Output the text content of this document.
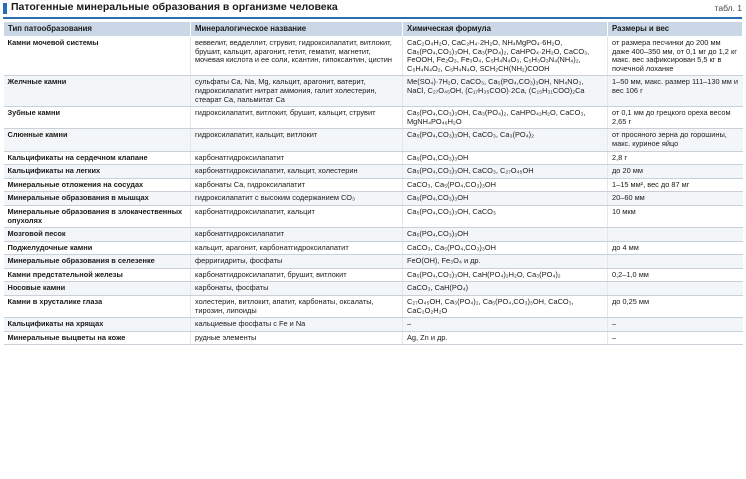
Патогенные минеральные образования в организме человека	табл. 1
Тип патообразования	Минералогическое название	Химическая формула	Размеры и вес
Камни мочевой системы	веввелит, ведделлит, струвит, гидроксилапатит, витлокит, брушит, кальцит, арагонит, гетит, гематит, магнетит, мочевая кислота и ее соли, ксантин, гипоксантин, цистин	CaC₂O₄H₂O, CaC₂H₄·2H₂O, NH₄MgPO₄·6H₂O, Ca₅(PO₄,CO₃)₃OH, Ca₃(PO₄)₂, CaHPO₄·2H₂O, CaCO₃, FeOOH, Fe₂O₃, Fe₃O₄, C₅H₄N₄O₃, C₅H₃O₃N₄(NH₄)₂, C₅H₄N₄O₂, C₅H₄N₄O, SCH₂CH(NH₂)COOH	от размера песчинки до 200 мм даже 400–350 мм, от 0,1 мг до 1,2 кг макс. вес зафиксирован 5,5 кг в почечной лоханке
Желчные камни	сульфаты Ca, Na, Mg, кальцит, арагонит, ватерит, гидроксилапатит нитрат аммония, галит холестерин, стеарат Ca, пальмитат Ca	Me(SO₄)·7H₂O, CaCO₃, Ca₅(PO₄,CO₃)₃OH, NH₄NO₃, NaCl, C₂₇O₄₅OH, (C₁₇H₃₅COO)·2Ca, (C₁₅H₃₁COO)₂Ca	1–50 мм, макс. размер 111–130 мм и вес 106 г
Зубные камни	гидроксилапатит, витлокит, брушит, кальцит, струвит	Ca₅(PO₄,CO₃)₃OH, Ca₃(PO₄)₂, CaHPO₄₂H₂O, CaCO₃, MgNH₄PO₄₆H₂O	от 0,1 мм до грецкого ореха весом 2,65 г
Слюнные камни	гидроксилапатит, кальцит, витлокит	Ca₅(PO₄,CO₃)₃OH, CaCO₃, Ca₃(PO₄)₂	от просяного зерна до горошины, макс. куриное яйцо
Кальцификаты на сердечном клапане	карбонатгидроксилапатит	Ca₅(PO₄,CO₃)₃OH	2,8 г
Кальцификаты на легких	карбонатгидроксилапатит, кальцит, холестерин	Ca₅(PO₄,CO₃)₃OH, CaCO₃, C₂₇O₄₅OH	до 20 мм
Минеральные отложения на сосудах	карбонаты Ca, гидроксилапатит	CaCO₃, Ca₅(PO₄,CO₃)₃OH	1–15 мм², вес до 87 мг
Минеральные образования в мышцах	гидроксилапатит с высоким содержанием CO₃	Ca₅(PO₄,CO₃)₃OH	20–60 мм
Минеральные образования в злокачественных опухолях	карбонатгидроксилапатит, кальцит	Ca₅(PO₄,CO₃)₃OH, CaCO₃	10 мкм
Мозговой песок	карбонатгидроксилапатит	Ca₅(PO₄,CO₃)₃OH	
Поджелудочные камни	кальцит, арагонит, карбонатгидроксилапатит	CaCO₃, Ca₅(PO₄,CO₃)₃OH	до 4 мм
Минеральные образования в селезенке	ферригидриты, фосфаты	FeO(OH), Fe₃O₄ и др.	
Камни предстательной железы	карбонатгидроксилапатит, брушит, витлокит	Ca₅(PO₄,CO₃)₃OH, CaH(PO₄)₂H₂O, Ca₃(PO₄)₂	0,2–1,0 мм
Носовые камни	карбонаты, фосфаты	CaCO₃, CaH(PO₄)	
Камни в хрусталике глаза	холестерин, витлокит, апатит, карбонаты, оксалаты, тирозин, липоиды	C₂₇O₄₅OH, Ca₃(PO₄)₂, Ca₅(PO₄,CO₃)₃OH, CaCO₃, CaC₂O₂H₂O	до 0,25 мм
Кальцификаты на хрящах	кальциевые фосфаты с Fe и Na	–	–
Минеральные выцветы на коже	рудные элементы	Ag, Zn и др.	–
